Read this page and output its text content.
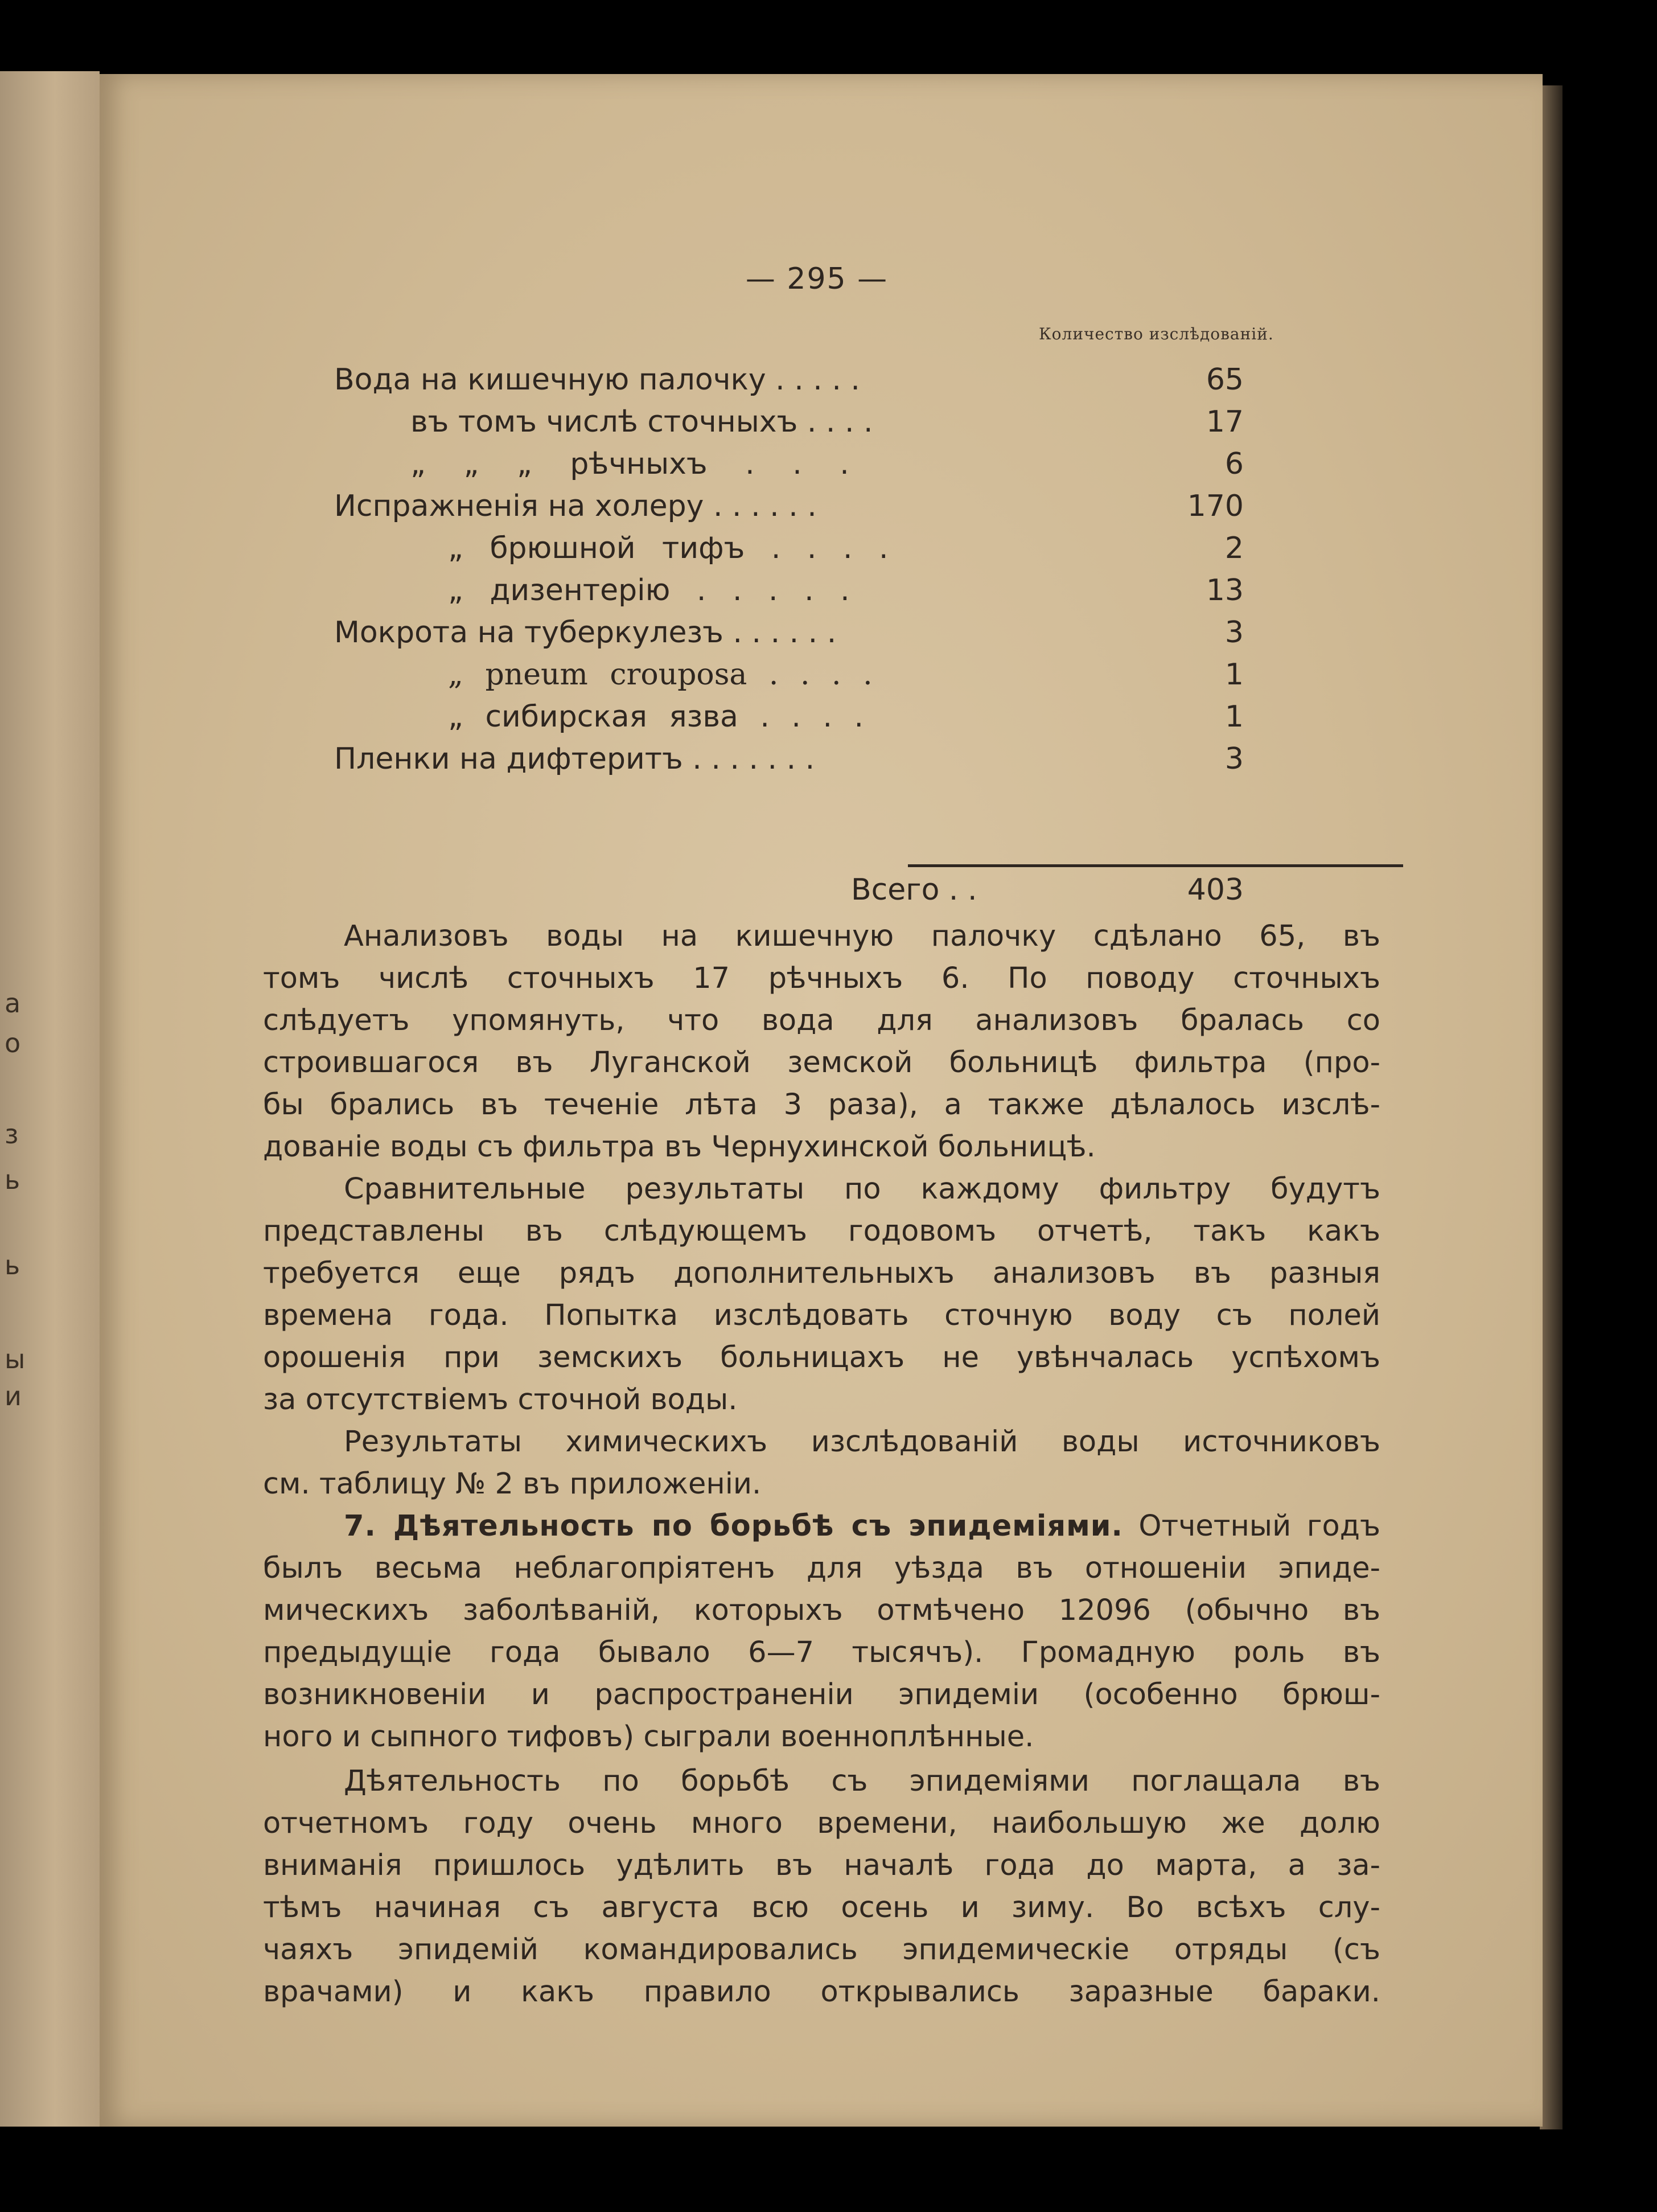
а
о
з
ь
ь
ы
и
— 295 —
Количество изслѣдованій.
Вода на кишечную палочку . . . . .	65
въ томъ числѣ сточныхъ . . . .	17
„ „ „ рѣчныхъ . . .	6
Испражненія на холеру . . . . . .	170
„ брюшной тифъ . . . .	2
„ дизентерію . . . . .	13
Мокрота на туберкулезъ . . . . . .	3
„ pneum croupоsa . . . .	1
„ сибирская язва . . . .	1
Пленки на дифтеритъ . . . . . . .	3
Всего . .	403

Анализовъ воды на кишечную палочку сдѣлано 65, въ
томъ числѣ сточныхъ 17 рѣчныхъ 6. По поводу сточныхъ
слѣдуетъ упомянуть, что вода для анализовъ бралась со
строившагося въ Луганской земской больницѣ фильтра (про-
бы брались въ теченіе лѣта 3 раза), а также дѣлалось изслѣ-
дованіе воды съ фильтра въ Чернухинской больницѣ.

Сравнительные результаты по каждому фильтру будутъ
представлены въ слѣдующемъ годовомъ отчетѣ, такъ какъ
требуется еще рядъ дополнительныхъ анализовъ въ разныя
времена года. Попытка изслѣдовать сточную воду съ полей
орошенія при земскихъ больницахъ не увѣнчалась успѣхомъ
за отсутствіемъ сточной воды.

Результаты химическихъ изслѣдованій воды источниковъ
см. таблицу № 2 въ приложеніи.

7. Дѣятельность по борьбѣ съ эпидеміями. Отчетный годъ
былъ весьма неблагопріятенъ для уѣзда въ отношеніи эпиде-
мическихъ заболѣваній, которыхъ отмѣчено 12096 (обычно въ
предыдущіе года бывало 6—7 тысячъ). Громадную роль въ
возникновеніи и распространеніи эпидеміи (особенно брюш-
ного и сыпного тифовъ) сыграли военноплѣнные.

Дѣятельность по борьбѣ съ эпидеміями поглащала въ
отчетномъ году очень много времени, наибольшую же долю
вниманія пришлось удѣлить въ началѣ года до марта, а за-
тѣмъ начиная съ августа всю осень и зиму. Во всѣхъ слу-
чаяхъ эпидемій командировались эпидемическіе отряды (съ
врачами) и какъ правило открывались заразные бараки.
